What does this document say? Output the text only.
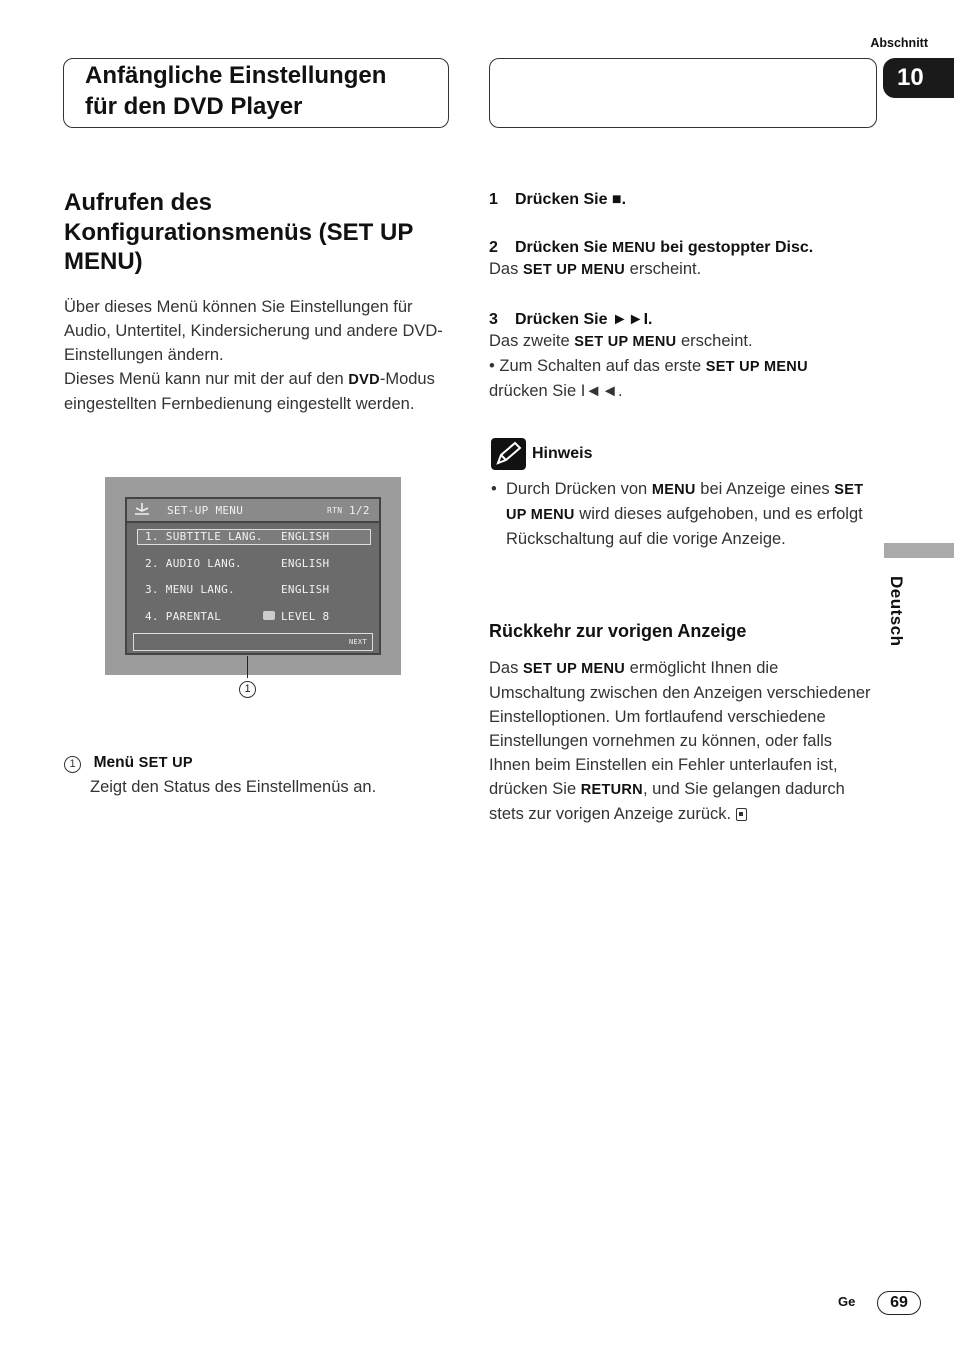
Abschnitt
Anfängliche Einstellungen
für den DVD Player
10
Aufrufen des Konfigurationsmenüs (SET UP MENU)
Über dieses Menü können Sie Einstellungen für Audio, Untertitel, Kindersicherung und andere DVD-Einstellungen ändern.
Dieses Menü kann nur mit der auf den DVD-Modus eingestellten Fernbedienung eingestellt werden.
SET-UP MENU	RTN 1/2
1. SUBTITLE LANG. ENGLISH
2. AUDIO LANG.	ENGLISH
3. MENU LANG.	ENGLISH
4. PARENTAL	LEVEL 8
NEXT
1
1 Menü SET UP
Zeigt den Status des Einstellmenüs an.
1 Drücken Sie ■.
2 Drücken Sie MENU bei gestoppter Disc.
Das SET UP MENU erscheint.
3 Drücken Sie ►►I.
Das zweite SET UP MENU erscheint.
• Zum Schalten auf das erste SET UP MENU
drücken Sie I◄◄.
Hinweis
• Durch Drücken von MENU bei Anzeige eines SET UP MENU wird dieses aufgehoben, und es erfolgt Rückschaltung auf die vorige Anzeige.
Rückkehr zur vorigen Anzeige
Das SET UP MENU ermöglicht Ihnen die Umschaltung zwischen den Anzeigen verschiedener Einstelloptionen. Um fortlaufend verschiedene Einstellungen vornehmen zu können, oder falls Ihnen beim Einstellen ein Fehler unterlaufen ist, drücken Sie RETURN, und Sie gelangen dadurch stets zur vorigen Anzeige zurück.
Deutsch
Ge	69
